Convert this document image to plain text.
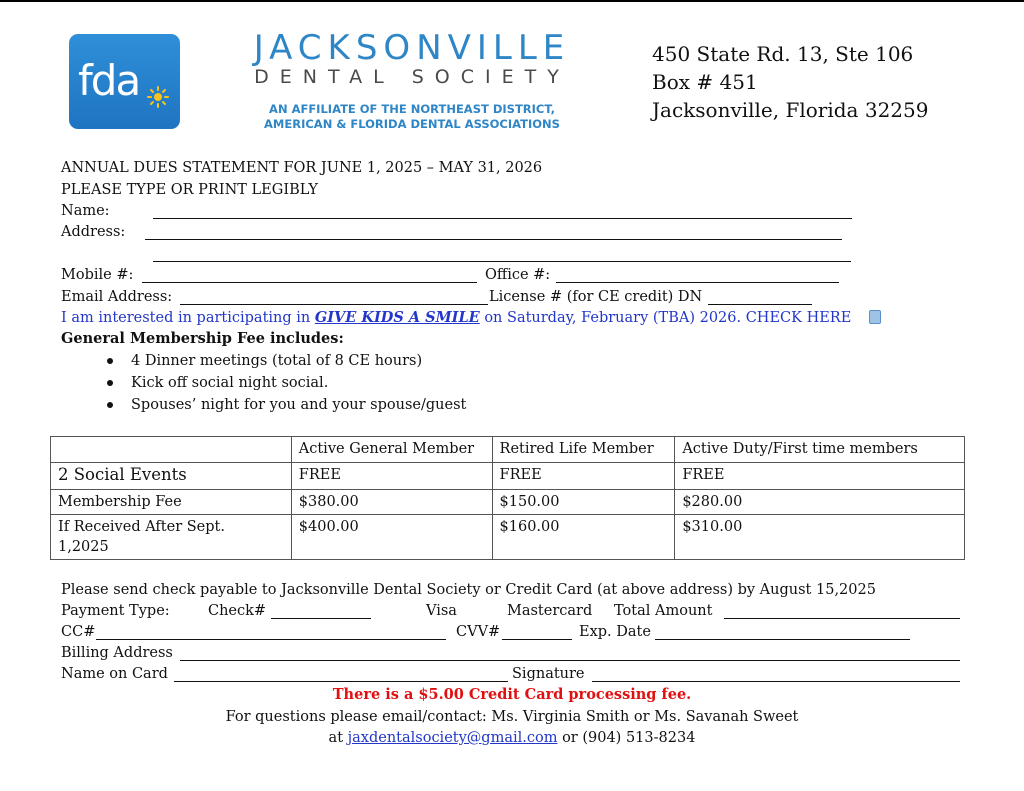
fda
JACKSONVILLE
DENTAL SOCIETY
AN AFFILIATE OF THE NORTHEAST DISTRICT,
AMERICAN & FLORIDA DENTAL ASSOCIATIONS
450 State Rd. 13, Ste 106
Box # 451
Jacksonville, Florida 32259
ANNUAL DUES STATEMENT FOR JUNE 1, 2025 – MAY 31, 2026
PLEASE TYPE OR PRINT LEGIBLY
Name:
Address:
Mobile #:	Office #:
Email Address:	License # (for CE credit) DN
I am interested in participating in GIVE KIDS A SMILE on Saturday, February (TBA) 2026. CHECK HERE
General Membership Fee includes:
4 Dinner meetings (total of 8 CE hours)
Kick off social night social.
Spouses’ night for you and your spouse/guest
	Active General Member	Retired Life Member	Active Duty/First time members
2 Social Events	FREE	FREE	FREE
Membership Fee	$380.00	$150.00	$280.00
If Received After Sept. 1,2025	$400.00	$160.00	$310.00
Please send check payable to Jacksonville Dental Society or Credit Card (at above address) by August 15,2025
Payment Type:	Check#	Visa	Mastercard Total Amount
CC#	CVV#	Exp. Date
Billing Address
Name on Card	Signature
There is a $5.00 Credit Card processing fee.
For questions please email/contact: Ms. Virginia Smith or Ms. Savanah Sweet
at jaxdentalsociety@gmail.com or (904) 513-8234
